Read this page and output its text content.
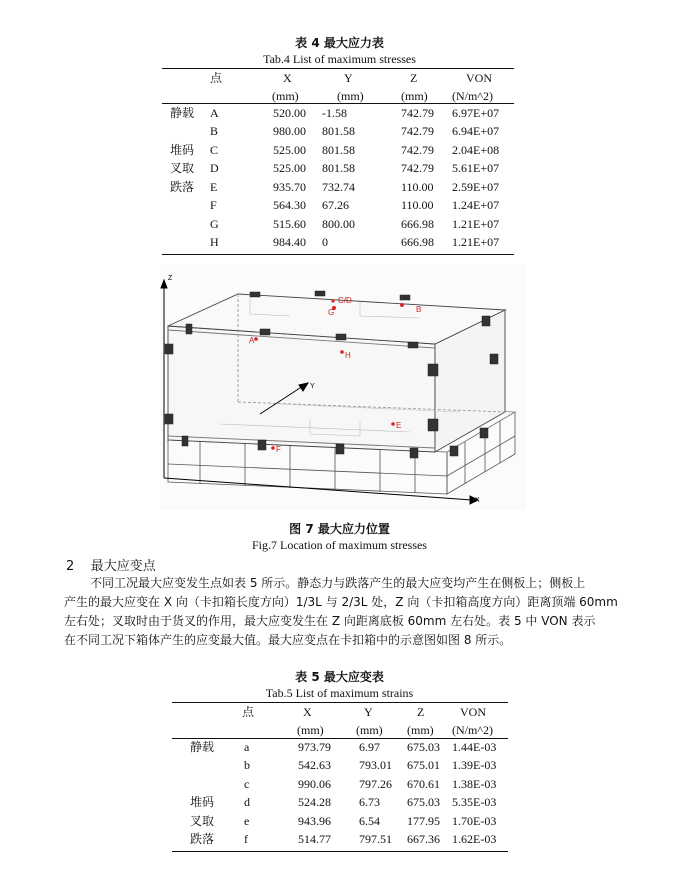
表 4 最大应力表
Tab.4 List of maximum stresses
	点	X	Y	Z	VON
		(mm)	(mm)	(mm)	(N/m^2)
静载	A	520.00	-1.58	742.79	6.97E+07
	B	980.00	801.58	742.79	6.94E+07
堆码	C	525.00	801.58	742.79	2.04E+08
叉取	D	525.00	801.58	742.79	5.61E+07
跌落	E	935.70	732.74	110.00	2.59E+07
	F	564.30	67.26	110.00	1.24E+07
	G	515.60	800.00	666.98	1.21E+07
	H	984.40	0	666.98	1.21E+07
Z
Y
X
A
B
C/D
E
F
G
H
图 7 最大应力位置
Fig.7 Location of maximum stresses
2    最大应变点
不同工况最大应变发生点如表 5 所示。静态力与跌落产生的最大应变均产生在侧板上；侧板上
产生的最大应变在 X 向（卡扣箱长度方向）1/3L 与 2/3L 处，Z 向（卡扣箱高度方向）距离顶端 60mm
左右处；叉取时由于货叉的作用，最大应变发生在 Z 向距离底板 60mm 左右处。表 5 中 VON 表示
在不同工况下箱体产生的应变最大值。最大应变点在卡扣箱中的示意图如图 8 所示。
表 5 最大应变表
Tab.5 List of maximum strains
	点	X	Y	Z	VON
		(mm)	(mm)	(mm)	(N/m^2)
静载	a	973.79	6.97	675.03	1.44E-03
	b	542.63	793.01	675.01	1.39E-03
	c	990.06	797.26	670.61	1.38E-03
堆码	d	524.28	6.73	675.03	5.35E-03
叉取	e	943.96	6.54	177.95	1.70E-03
跌落	f	514.77	797.51	667.36	1.62E-03
